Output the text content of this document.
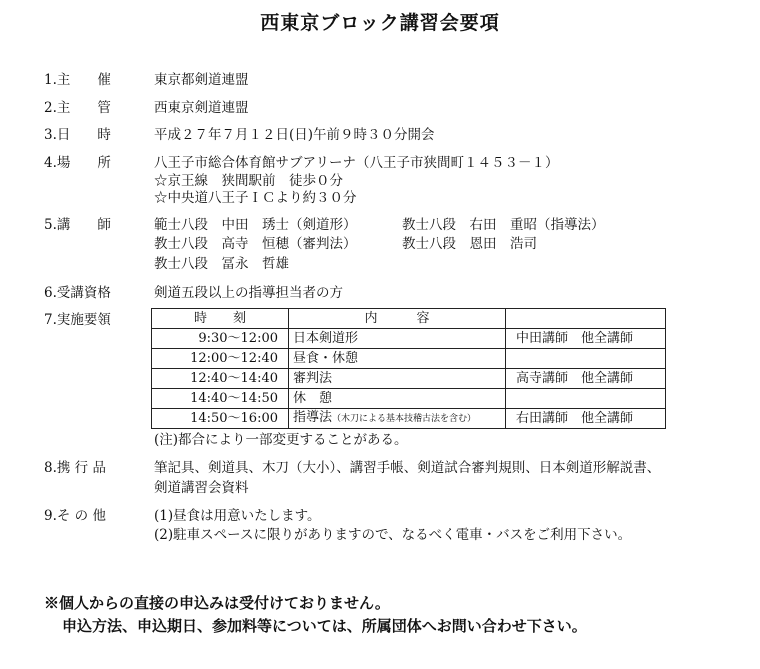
西東京ブロック講習会要項
1.主　　催	東京都剣道連盟
2.主　　管	西東京剣道連盟
3.日　　時	平成２７年７月１２日(日)午前９時３０分開会
4.場　　所	八王子市総合体育館サブアリーナ（八王子市狭間町１４５３－１）
☆京王線　狭間駅前　徒歩０分
☆中央道八王子ＩＣより約３０分
5.講　　師	範士八段　中田　琇士（剣道形）	教士八段　右田　重昭（指導法）
教士八段　高寺　恒穂（審判法）	教士八段　恩田　浩司
教士八段　冨永　哲雄
6.受講資格	剣道五段以上の指導担当者の方
7.実施要領	時　　刻	内　　　容	
9:30～12:00	日本剣道形	中田講師　他全講師
12:00～12:40	昼食・休憩	
12:40～14:40	審判法	高寺講師　他全講師
14:40～14:50	休　憩	
14:50～16:00	指導法（木刀による基本技稽古法を含む）	右田講師　他全講師
(注)都合により一部変更することがある。
8.携 行 品	筆記具、剣道具、木刀（大小）、講習手帳、剣道試合審判規則、日本剣道形解説書、
剣道講習会資料
9.そ の 他	(1)昼食は用意いたします。
(2)駐車スペースに限りがありますので、なるべく電車・バスをご利用下さい。
※個人からの直接の申込みは受付けておりません。
申込方法、申込期日、参加料等については、所属団体へお問い合わせ下さい。
